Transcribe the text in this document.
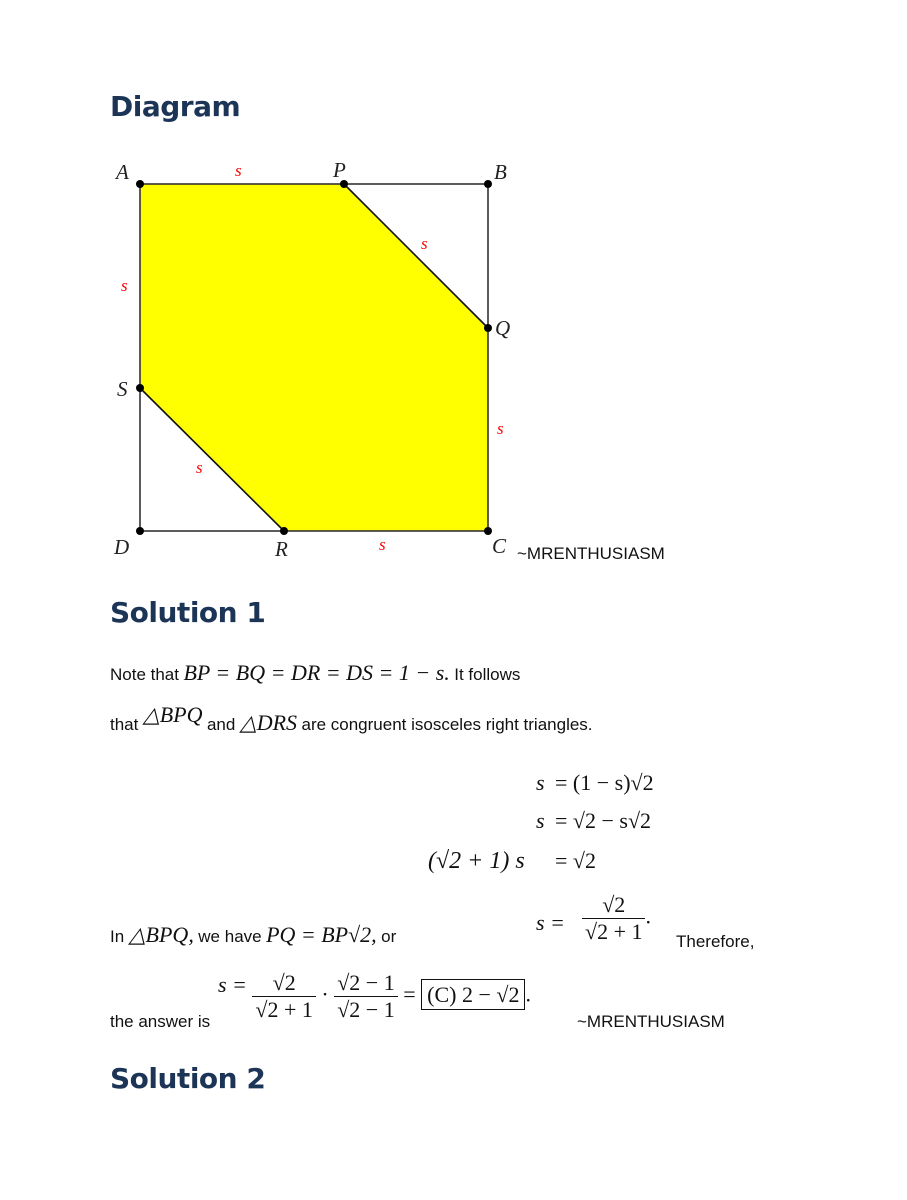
Diagram
A	P	B
Q
S
D	R	C
s
s
s
s
s
s	~MRENTHUSIASM
Solution 1
Note that BP = BQ = DR = DS = 1 − s. It follows
that △BPQ and △DRS are congruent isosceles right triangles.
s = (1 − s)√2
s = √2 − s√2
(√2 + 1) s = √2
$s = \frac{√2}{√2 + 1}$ .
In △BPQ, we have PQ = BP√2, or	Therefore,
the answer is
$s = \frac{√2}{√2 + 1} \cdot \frac{√2 - 1}{√2 - 1} = (C) 2 - √2$ .
~MRENTHUSIASM
Solution 2
